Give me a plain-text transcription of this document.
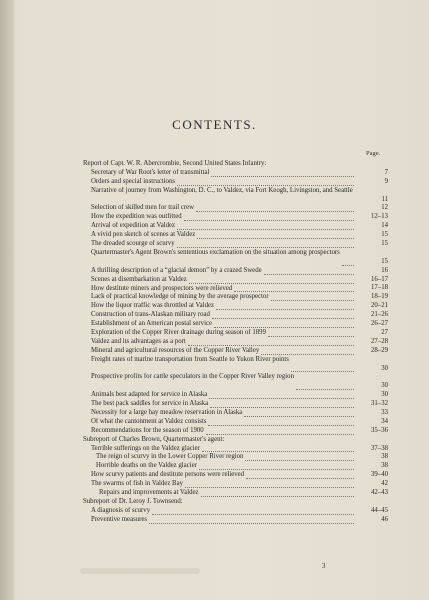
CONTENTS.
Page.
Report of Capt. W. R. Abercrombie, Second United States Infantry:
Secretary of War Root's letter of transmittal	7
Orders and special instructions	9
Narrative of journey from Washington, D. C., to Valdez, via Fort Keogh, Livingston, and Seattle
11
Selection of skilled men for trail crew	12
How the expedition was outfitted	12–13
Arrival of expedition at Valdez	14
A vivid pen sketch of scenes at Valdez	15
The dreaded scourge of scurvy	15
Quartermaster's Agent Brown's sententious exclamation on the situation among prospectors
15
A thrilling description of a “glacial demon” by a crazed Swede	16
Scenes at disembarkation at Valdez	16–17
How destitute miners and prospectors were relieved	17–18
Lack of practical knowledge of mining by the average prospector	18–19
How the liquor traffic was throttled at Valdez	20–21
Construction of trans-Alaskan military road	21–26
Establishment of an American postal service	26–27
Exploration of the Copper River drainage during season of 1899	27
Valdez and its advantages as a port	27–28
Mineral and agricultural resources of the Copper River Valley	28–29
Freight rates of marine transportation from Seattle to Yukon River points
30
Prospective profits for cattle speculators in the Copper River Valley region
30
Animals best adapted for service in Alaska	30
The best pack saddles for service in Alaska	31–32
Necessity for a large hay meadow reservation in Alaska	33
Of what the cantonment at Valdez consists	34
Recommendations for the season of 1900	35–36
Subreport of Charles Brown, Quartermaster's agent:
Terrible sufferings on the Valdez glacier	37–38
The reign of scurvy in the Lower Copper River region	38
Horrible deaths on the Valdez glacier	38
How scurvy patients and destitute persons were relieved	39–40
The swarms of fish in Valdez Bay	42
Repairs and improvements at Valdez	42–43
Subreport of Dr. Leroy J. Townsend:
A diagnosis of scurvy	44–45
Preventive measures	46
3
